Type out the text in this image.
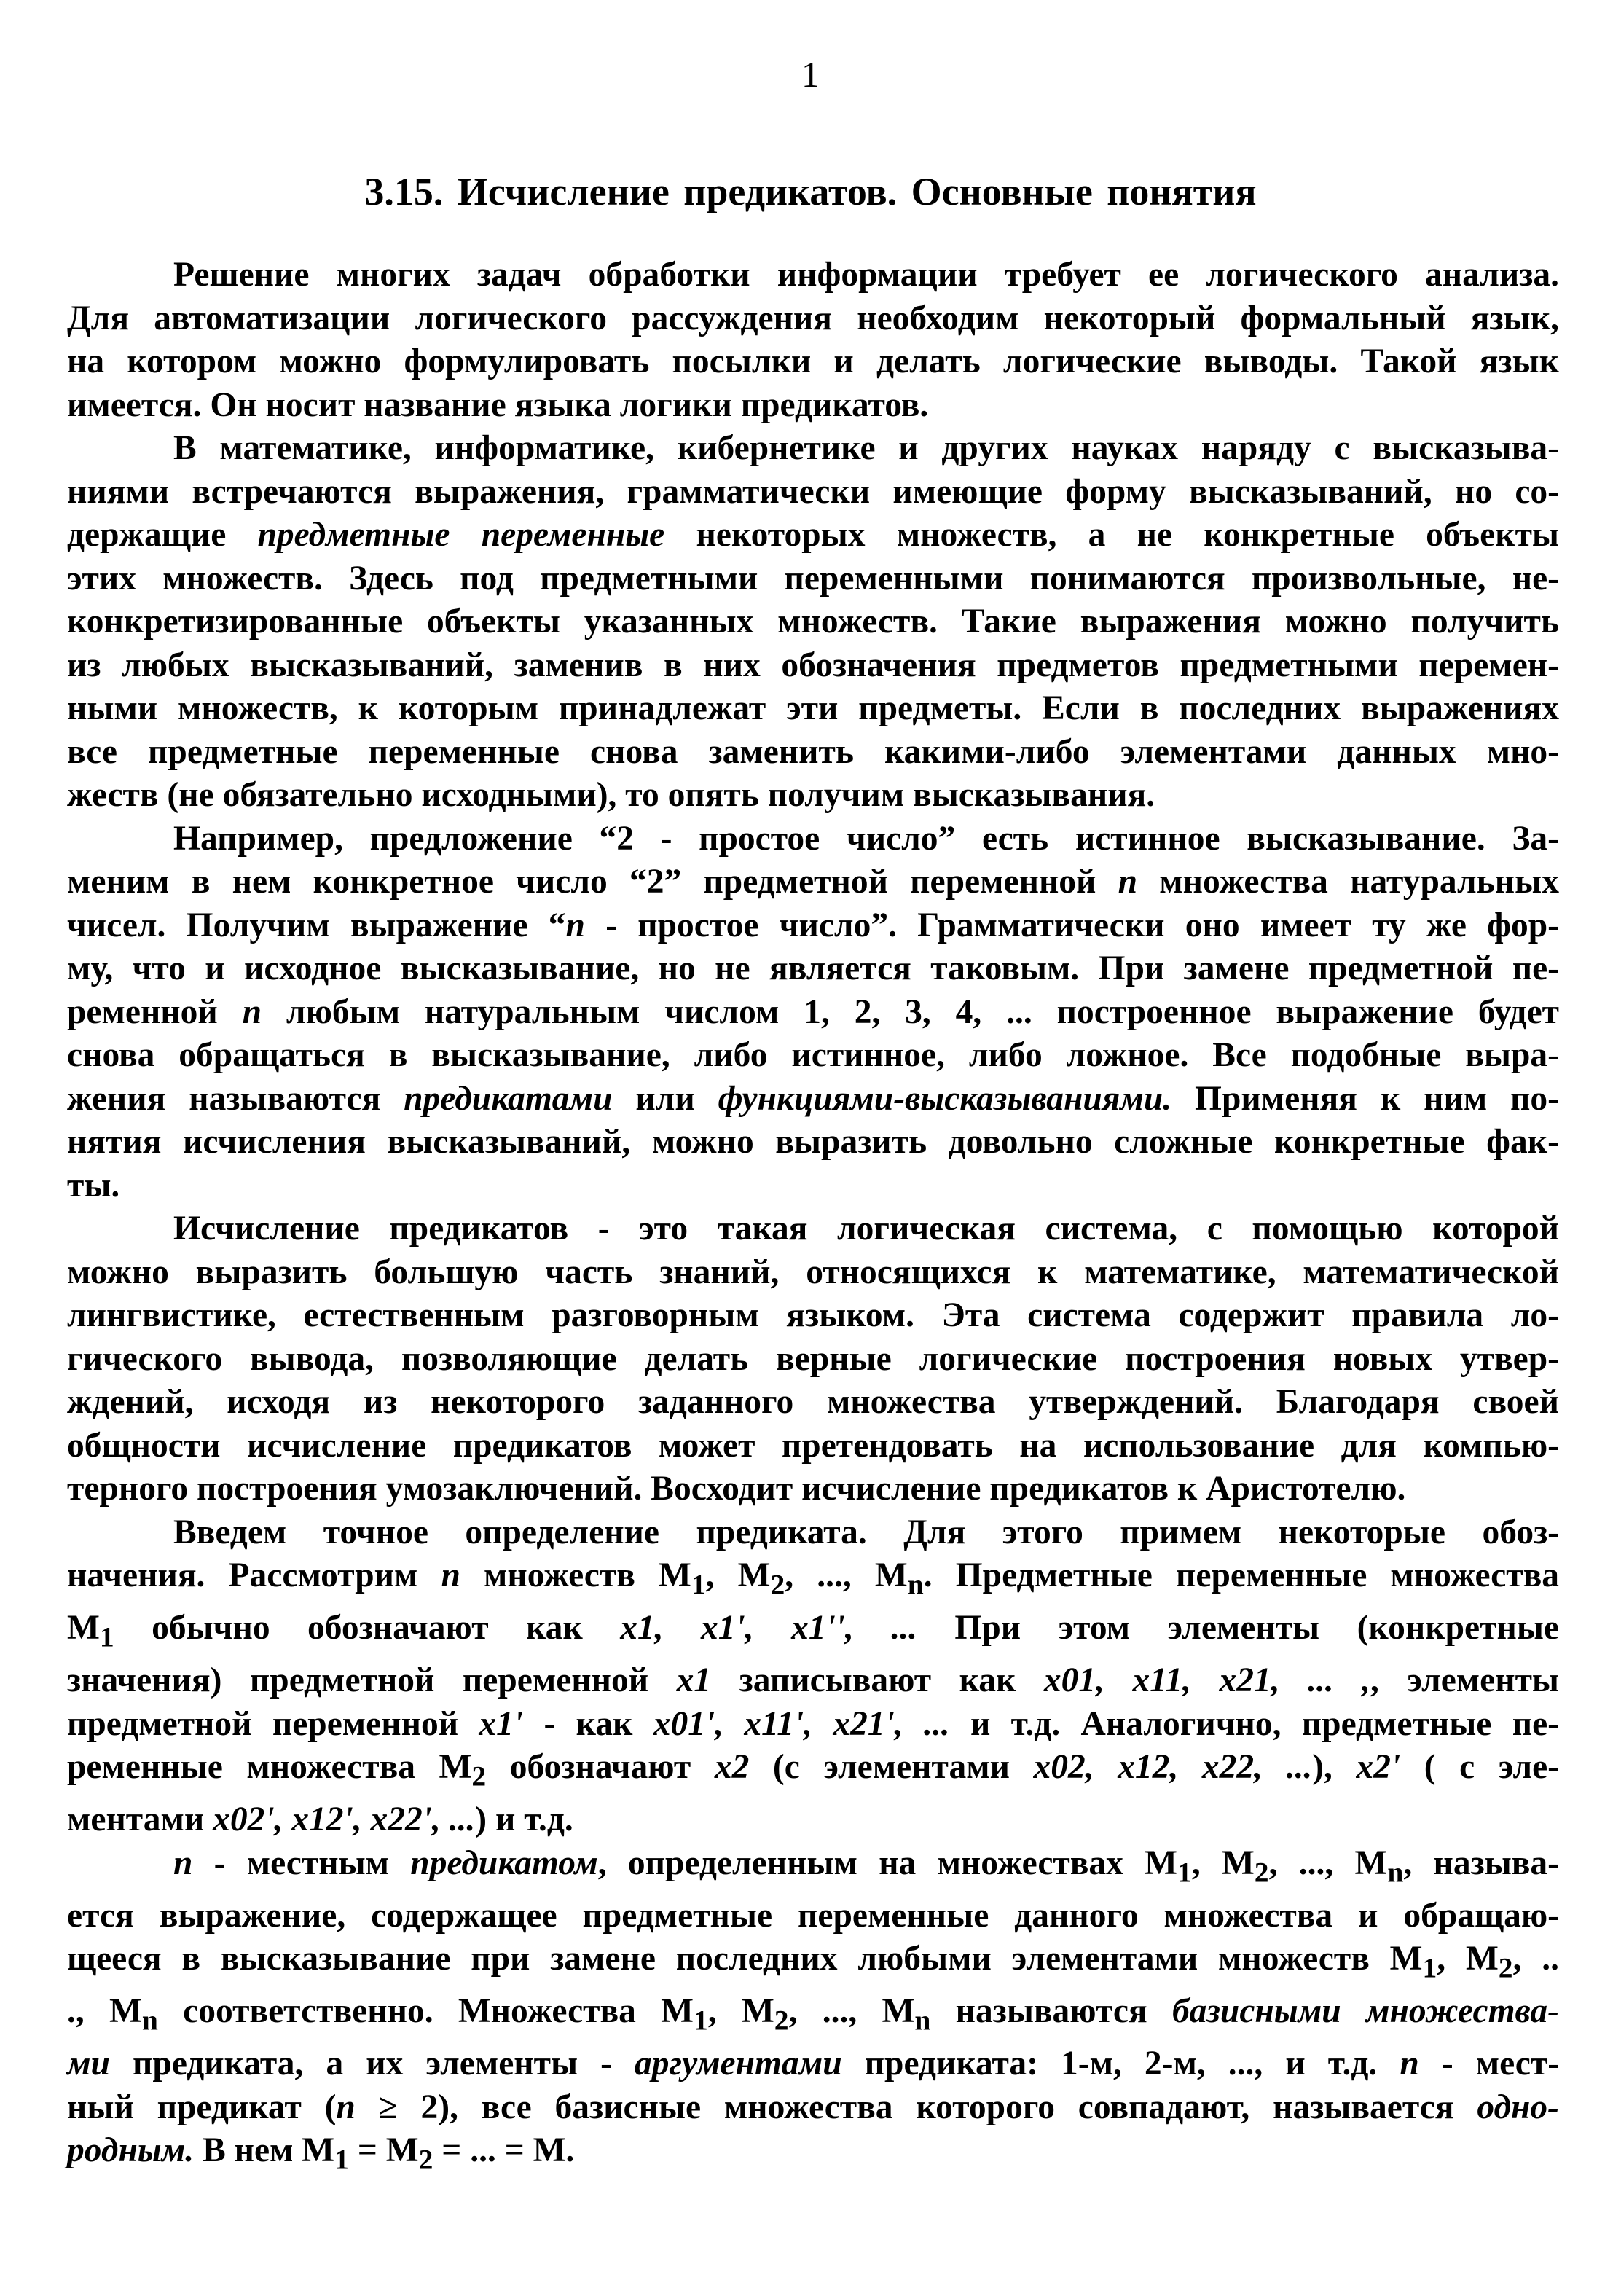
1
3.15. Исчисление предикатов. Основные понятия

Решение многих задач обработки информации требует ее логического анализа.
Для автоматизации логического рассуждения необходим некоторый формальный язык,
на котором можно формулировать посылки и делать логические выводы. Такой язык
имеется. Он носит название языка логики предикатов.

В математике, информатике, кибернетике и других науках наряду с высказыва-
ниями встречаются выражения, грамматически имеющие форму высказываний, но со-
держащие предметные переменные некоторых множеств, а не конкретные объекты
этих множеств. Здесь под предметными переменными понимаются произвольные, не-
конкретизированные объекты указанных множеств. Такие выражения можно получить
из любых высказываний, заменив в них обозначения предметов предметными перемен-
ными множеств, к которым принадлежат эти предметы. Если в последних выражениях
все предметные переменные снова заменить какими-либо элементами данных мно-
жеств (не обязательно исходными), то опять получим высказывания.

Например, предложение “2 - простое число” есть истинное высказывание. За-
меним в нем конкретное число “2” предметной переменной n множества натуральных
чисел. Получим выражение “n - простое число”. Грамматически оно имеет ту же фор-
му, что и исходное высказывание, но не является таковым. При замене предметной пе-
ременной n любым натуральным числом 1, 2, 3, 4, ... построенное выражение будет
снова обращаться в высказывание, либо истинное, либо ложное. Все подобные выра-
жения называются предикатами или функциями-высказываниями. Применяя к ним по-
нятия исчисления высказываний, можно выразить довольно сложные конкретные фак-
ты.

Исчисление предикатов - это такая логическая система, с помощью которой
можно выразить большую часть знаний, относящихся к математике, математической
лингвистике, естественным разговорным языком. Эта система содержит правила ло-
гического вывода, позволяющие делать верные логические построения новых утвер-
ждений, исходя из некоторого заданного множества утверждений. Благодаря своей
общности исчисление предикатов может претендовать на использование для компью-
терного построения умозаключений. Восходит исчисление предикатов к Аристотелю.

Введем точное определение предиката. Для этого примем некоторые обоз-
начения. Рассмотрим n множеств $M_1$, $M_2$, ..., $M_n$. Предметные переменные множества
$M_1$ обычно обозначают как x1, x1', x1'', ... При этом элементы (конкретные
значения) предметной переменной x1 записывают как x01, x11, x21, ... ,, элементы
предметной переменной x1' - как x01', x11', x21', ... и т.д. Аналогично, предметные пе-
ременные множества $M_2$ обозначают x2 (с элементами x02, x12, x22, ...), x2' ( с эле-
ментами x02', x12', x22', ...) и т.д.

n - местным предикатом, определенным на множествах $M_1$, $M_2$, ..., $M_n$, называ-
ется выражение, содержащее предметные переменные данного множества и обращаю-
щееся в высказывание при замене последних любыми элементами множеств $M_1$, $M_2$, ..
., $M_n$ соответственно. Множества $M_1$, $M_2$, ..., $M_n$ называются базисными множества-
ми предиката, а их элементы - аргументами предиката: 1-м, 2-м, ..., и т.д. n - мест-
ный предикат (n ≥ 2), все базисные множества которого совпадают, называется одно-
родным. В нем $M_1 = M_2$ = ... = M.
